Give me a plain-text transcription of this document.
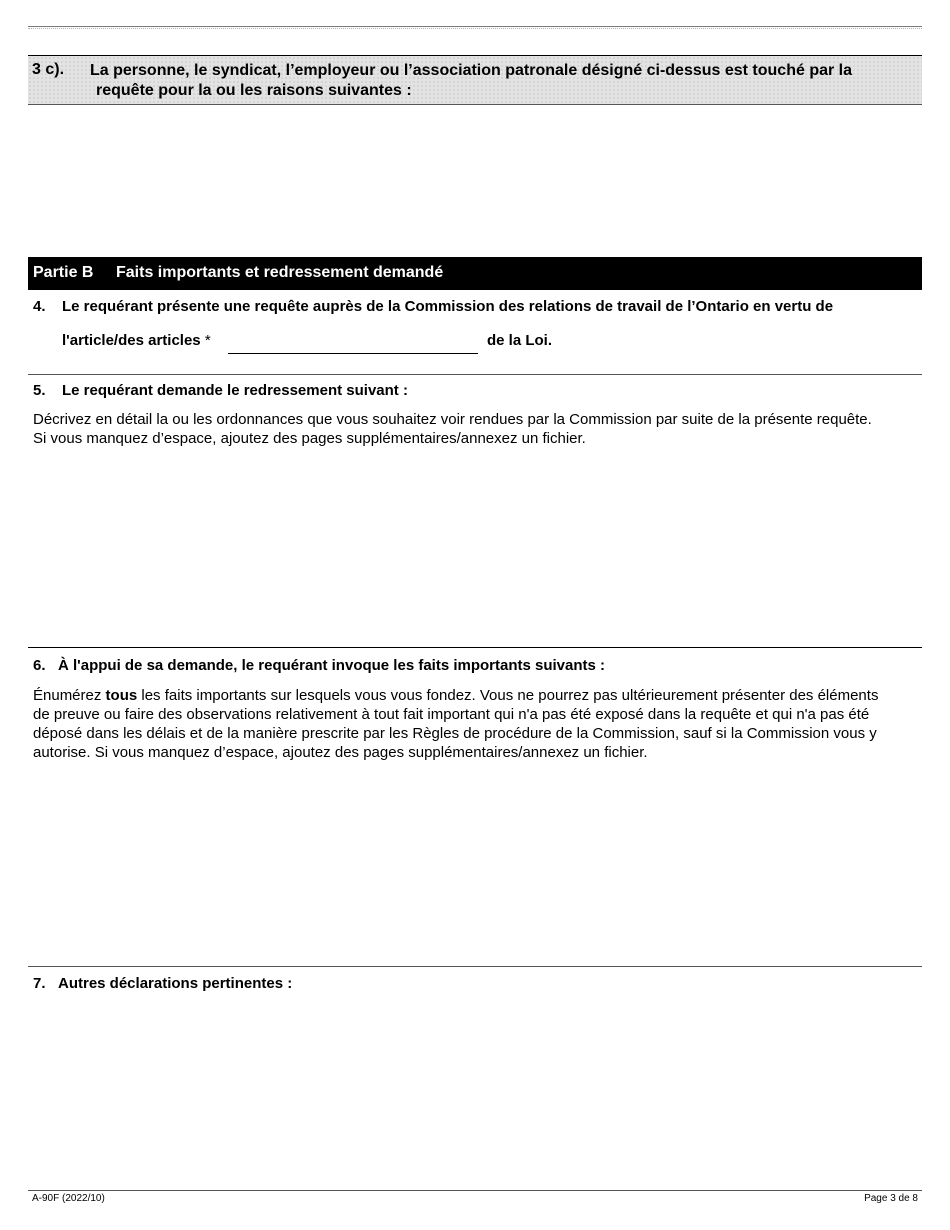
3 c). La personne, le syndicat, l’employeur ou l’association patronale désigné ci-dessus est touché par la
requête pour la ou les raisons suivantes :
Partie B Faits importants et redressement demandé
4. Le requérant présente une requête auprès de la Commission des relations de travail de l’Ontario en vertu de
l'article/des articles *	de la Loi.
5. Le requérant demande le redressement suivant :
Décrivez en détail la ou les ordonnances que vous souhaitez voir rendues par la Commission par suite de la présente requête.
Si vous manquez d’espace, ajoutez des pages supplémentaires/annexez un fichier.
6. À l'appui de sa demande, le requérant invoque les faits importants suivants :
Énumérez tous les faits importants sur lesquels vous vous fondez. Vous ne pourrez pas ultérieurement présenter des éléments
de preuve ou faire des observations relativement à tout fait important qui n'a pas été exposé dans la requête et qui n'a pas été
déposé dans les délais et de la manière prescrite par les Règles de procédure de la Commission, sauf si la Commission vous y
autorise. Si vous manquez d’espace, ajoutez des pages supplémentaires/annexez un fichier.
7. Autres déclarations pertinentes :
A-90F (2022/10)	Page 3 de 8
